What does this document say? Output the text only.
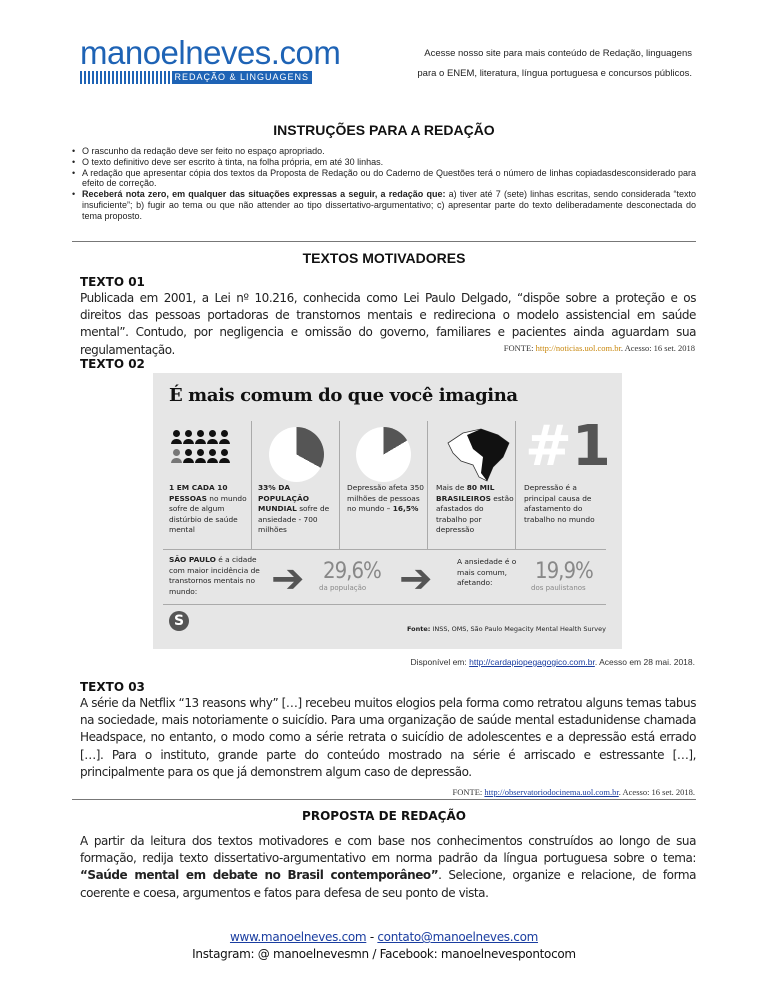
manoelneves.com
REDAÇÃO & LINGUAGENS
Acesse nosso site para mais conteúdo de Redação, linguagens
para o ENEM, literatura, língua portuguesa e concursos públicos.
INSTRUÇÕES PARA A REDAÇÃO
• O rascunho da redação deve ser feito no espaço apropriado.
• O texto definitivo deve ser escrito à tinta, na folha própria, em até 30 linhas.
• A redação que apresentar cópia dos textos da Proposta de Redação ou do Caderno de Questões terá o número de linhas copiadasdesconsiderado para efeito de correção.
• Receberá nota zero, em qualquer das situações expressas a seguir, a redação que: a) tiver até 7 (sete) linhas escritas, sendo considerada “texto insuficiente”; b) fugir ao tema ou que não attender ao tipo dissertativo-argumentativo; c) apresentar parte do texto deliberadamente desconectada do tema proposto.
TEXTOS MOTIVADORES
TEXTO 01
Publicada em 2001, a Lei nº 10.216, conhecida como Lei Paulo Delgado, “dispõe sobre a proteção e os direitos das pessoas portadoras de transtornos mentais e redireciona o modelo assistencial em saúde mental”. Contudo, por negligencia e omissão do governo, familiares e pacientes ainda aguardam sua regulamentação.	FONTE: http://noticias.uol.com.br. Acesso: 16 set. 2018
TEXTO 02
É mais comum do que você imagina
#1
1 EM CADA 10 PESSOAS no mundo sofre de algum distúrbio de saúde mental
33% DA POPULAÇÃO MUNDIAL sofre de ansiedade - 700 milhões
Depressão afeta 350 milhões de pessoas no mundo – 16,5%
Mais de 80 MIL BRASILEIROS estão afastados do trabalho por depressão
Depressão é a principal causa de afastamento do trabalho no mundo
SÃO PAULO é a cidade com maior incidência de transtornos mentais no mundo:	➔ 29,6%
da população ➔	A ansiedade é o mais comum, afetando:	19,9%
dos paulistanos
S	Fonte: INSS, OMS, São Paulo Megacity Mental Health Survey
Disponível em: http://cardapiopegagogico.com.br. Acesso em 28 mai. 2018.
TEXTO 03
A série da Netflix “13 reasons why” […] recebeu muitos elogios pela forma como retratou alguns temas tabus na sociedade, mais notoriamente o suicídio. Para uma organização de saúde mental estadunidense chamada Headspace, no entanto, o modo como a série retrata o suicídio de adolescentes e a depressão está errado […]. Para o instituto, grande parte do conteúdo mostrado na série é arriscado e estressante […], principalmente para os que já demonstrem algum caso de depressão.
FONTE: http://observatoriodocinema.uol.com.br. Acesso: 16 set. 2018.
PROPOSTA DE REDAÇÃO
A partir da leitura dos textos motivadores e com base nos conhecimentos construídos ao longo de sua formação, redija texto dissertativo-argumentativo em norma padrão da língua portuguesa sobre o tema: “Saúde mental em debate no Brasil contemporâneo”. Selecione, organize e relacione, de forma coerente e coesa, argumentos e fatos para defesa de seu ponto de vista.
www.manoelneves.com - contato@manoelneves.com
Instagram: @ manoelnevesmn / Facebook: manoelnevespontocom
